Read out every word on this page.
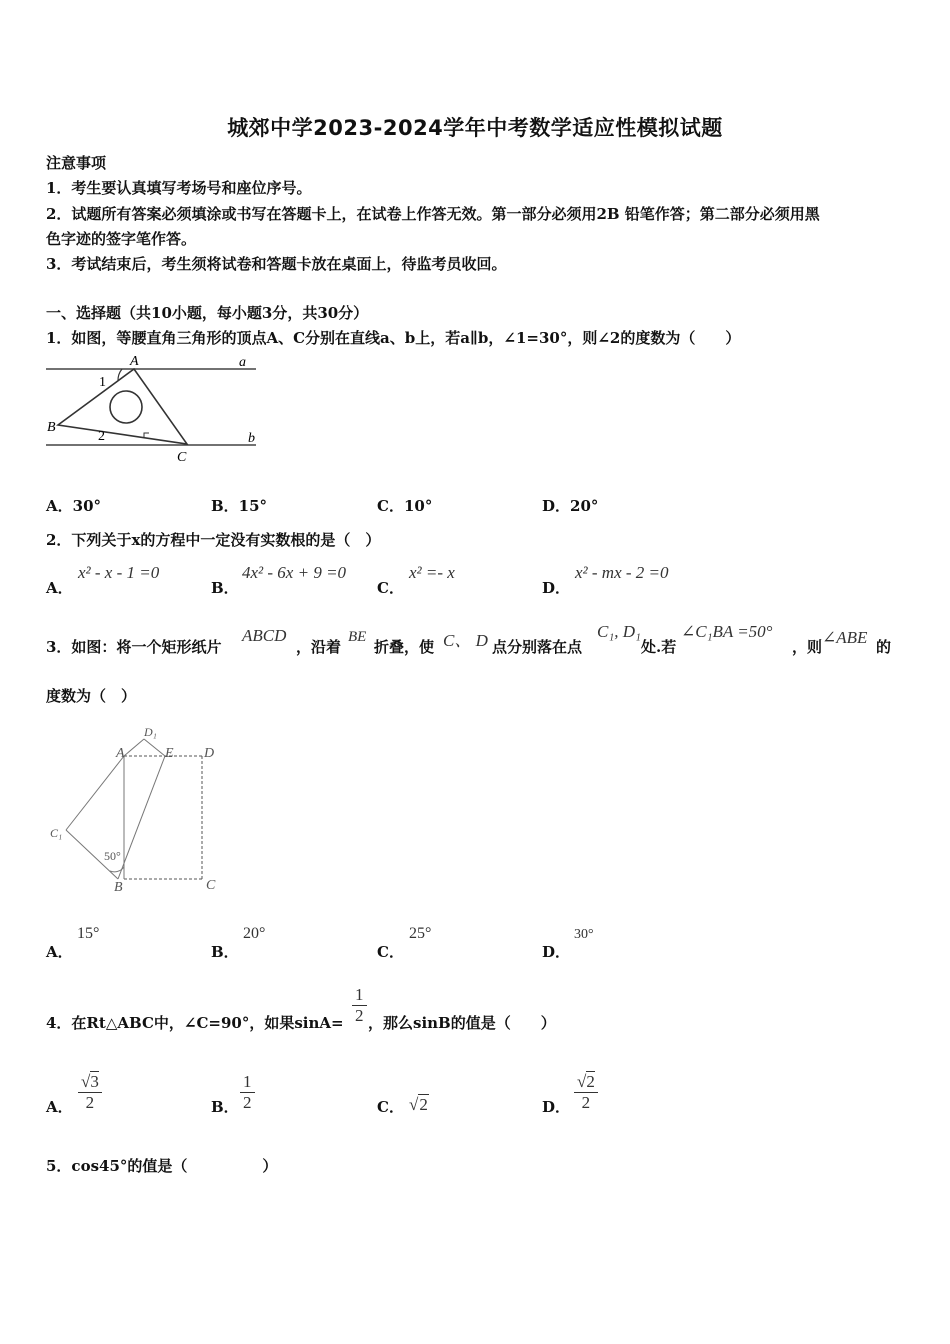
城郊中学2023-2024学年中考数学适应性模拟试题
注意事项
1．考生要认真填写考场号和座位序号。
2．试题所有答案必须填涂或书写在答题卡上，在试卷上作答无效。第一部分必须用2B 铅笔作答；第二部分必须用黑
色字迹的签字笔作答。
3．考试结束后，考生须将试卷和答题卡放在桌面上，待监考员收回。
一、选择题（共10小题，每小题3分，共30分）
1．如图，等腰直角三角形的顶点A、C分别在直线a、b上，若a∥b，∠1=30°，则∠2的度数为（　　）
A	a
1
B
2
C
b
A．30°	B．15°	C．10°	D．20°
2．下列关于x的方程中一定没有实数根的是（　）
A．
x² - x - 1 =0
B．
4x² - 6x + 9 =0
C．
x² =- x
D．
x² - mx - 2 =0
3．如图：将一个矩形纸片
ABCD
，沿着
BE
折叠，使 C、 D 点分别落在点
C₁, D₁
处.若
∠C₁BA =50°
，则 ∠ABE 的
度数为（　）
D₁
A	E D
C₁
50°
B	C
A．
15°
B．
20°
C．
25°
D．
30°
4．在Rt△ABC中，∠C=90°，如果$\sin A= \frac{1}{2}$ ，那么sinB的值是（　　）
A． $\frac{√3}{2}$	B． $\frac{1}{2}$	C． √2	D． $\frac{√2}{2}$
5．cos45°的值是（　　　　　）
